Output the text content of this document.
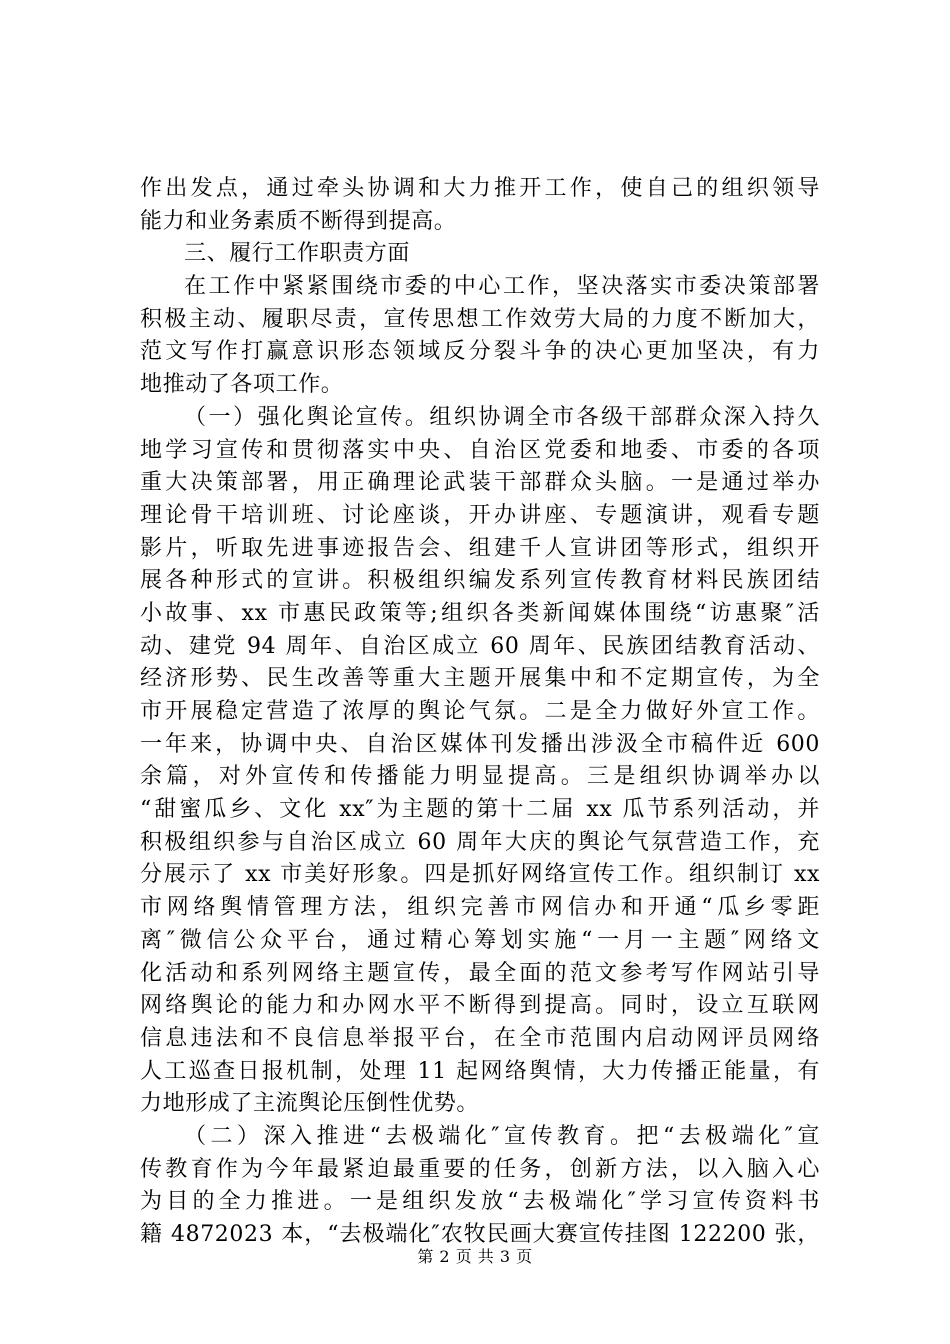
作出发点，通过牵头协调和大力推开工作，使自己的组织领导
能力和业务素质不断得到提高。
三、履行工作职责方面
在工作中紧紧围绕市委的中心工作，坚决落实市委决策部署
积极主动、履职尽责，宣传思想工作效劳大局的力度不断加大，
范文写作打赢意识形态领域反分裂斗争的决心更加坚决，有力
地推动了各项工作。
（一）强化舆论宣传。组织协调全市各级干部群众深入持久
地学习宣传和贯彻落实中央、自治区党委和地委、市委的各项
重大决策部署，用正确理论武装干部群众头脑。一是通过举办
理论骨干培训班、讨论座谈，开办讲座、专题演讲，观看专题
影片，听取先进事迹报告会、组建千人宣讲团等形式，组织开
展各种形式的宣讲。积极组织编发系列宣传教育材料民族团结
小故事、xx 市惠民政策等;组织各类新闻媒体围绕“访惠聚″活
动、建党 94 周年、自治区成立 60 周年、民族团结教育活动、
经济形势、民生改善等重大主题开展集中和不定期宣传，为全
市开展稳定营造了浓厚的舆论气氛。二是全力做好外宣工作。
一年来，协调中央、自治区媒体刊发播出涉汲全市稿件近 600
余篇，对外宣传和传播能力明显提高。三是组织协调举办以
“甜蜜瓜乡、文化 xx″为主题的第十二届 xx 瓜节系列活动，并
积极组织参与自治区成立 60 周年大庆的舆论气氛营造工作，充
分展示了 xx 市美好形象。四是抓好网络宣传工作。组织制订 xx
市网络舆情管理方法，组织完善市网信办和开通“瓜乡零距
离″微信公众平台，通过精心筹划实施“一月一主题″网络文
化活动和系列网络主题宣传，最全面的范文参考写作网站引导
网络舆论的能力和办网水平不断得到提高。同时，设立互联网
信息违法和不良信息举报平台，在全市范围内启动网评员网络
人工巡查日报机制，处理 11 起网络舆情，大力传播正能量，有
力地形成了主流舆论压倒性优势。
（二）深入推进“去极端化″宣传教育。把“去极端化″宣
传教育作为今年最紧迫最重要的任务，创新方法，以入脑入心
为目的全力推进。一是组织发放“去极端化″学习宣传资料书
籍 4872023 本，“去极端化″农牧民画大赛宣传挂图 122200 张，
第 2 页 共 3 页
